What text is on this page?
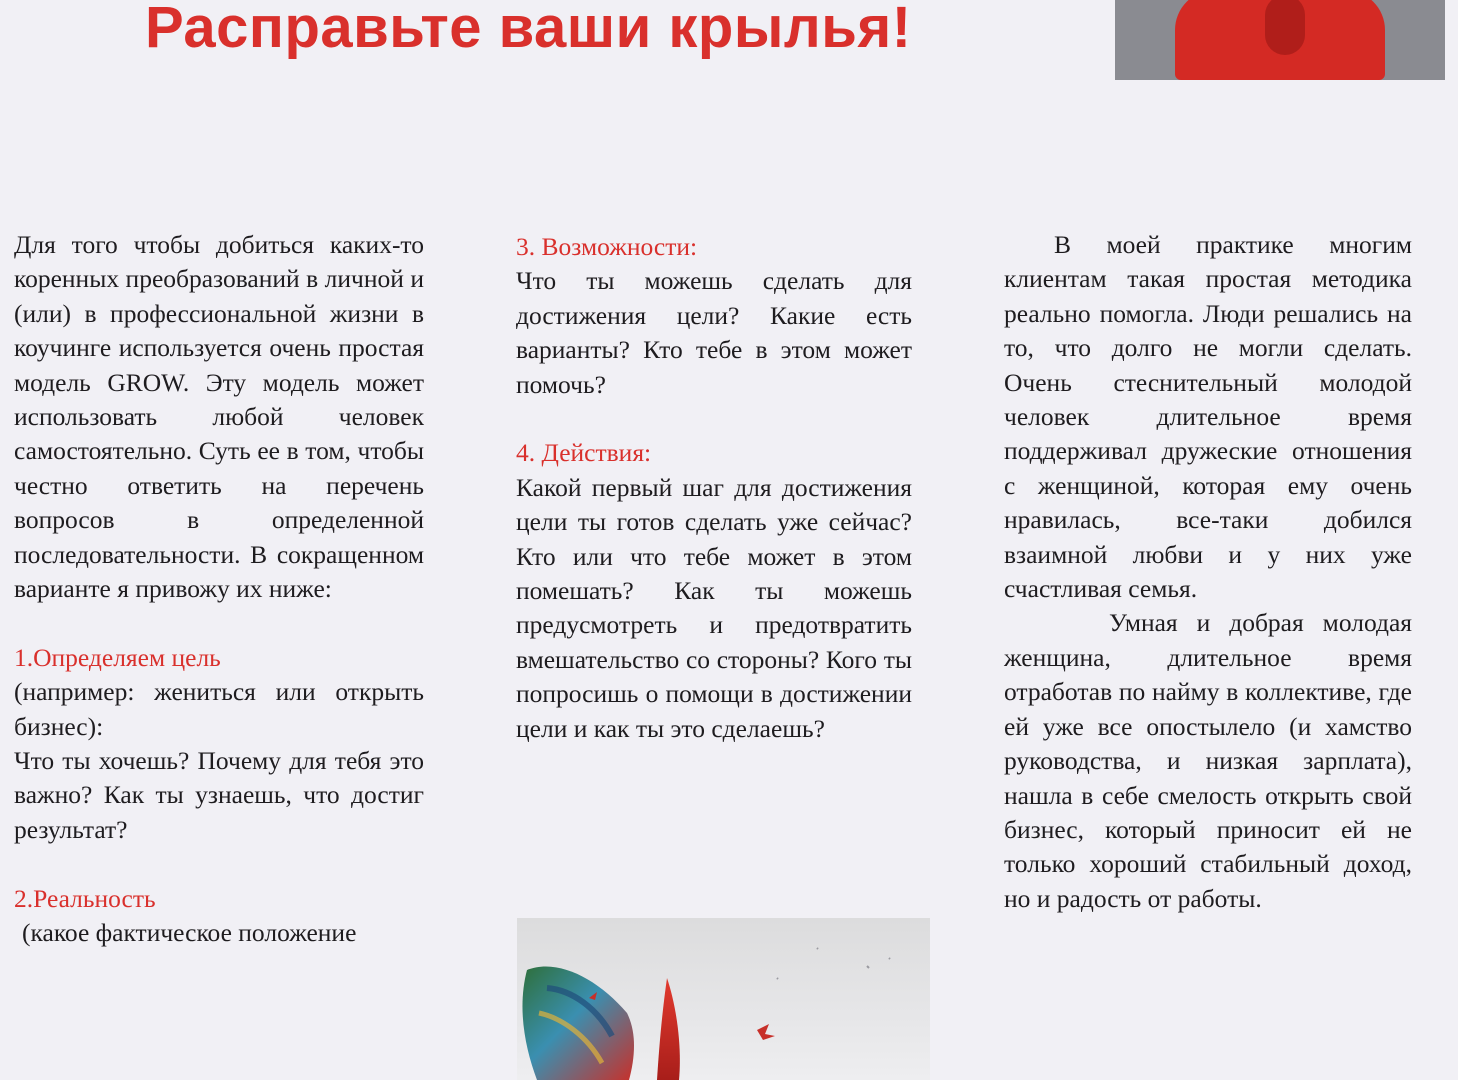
Расправьте ваши крылья!

Для того чтобы добиться каких-то коренных преобразований в личной и (или) в профессиональной жизни в коучинге используется очень простая модель GROW. Эту модель может использовать любой человек самостоятельно. Суть ее в том, чтобы честно ответить на перечень вопросов в определенной последовательности. В сокращенном варианте я привожу их ниже:

1.Определяем цель

(например: жениться или открыть бизнес):

Что ты хочешь? Почему для тебя это важно? Как ты узнаешь, что достиг результат?

2.Реальность

(какое фактическое положение

3. Возможности:

Что ты можешь сделать для достижения цели? Какие есть варианты? Кто тебе в этом может помочь?

4. Действия:

Какой первый шаг для достижения цели ты готов сделать уже сейчас? Кто или что тебе может в этом помешать? Как ты можешь предусмотреть и предотвратить вмешательство со стороны? Кого ты попросишь о помощи в достижении цели и как ты это сделаешь?

В моей практике многим клиентам такая простая методика реально помогла. Люди решались на то, что долго не могли сделать. Очень стеснительный молодой человек длительное время поддерживал дружеские отношения с женщиной, которая ему очень нравилась, все-таки добился взаимной любви и у них уже счастливая семья.

Умная и добрая молодая женщина, длительное время отработав по найму в коллективе, где ей уже все опостылело (и хамство руководства, и низкая зарплата), нашла в себе смелость открыть свой бизнес, который приносит ей не только хороший стабильный доход, но и радость от работы.
